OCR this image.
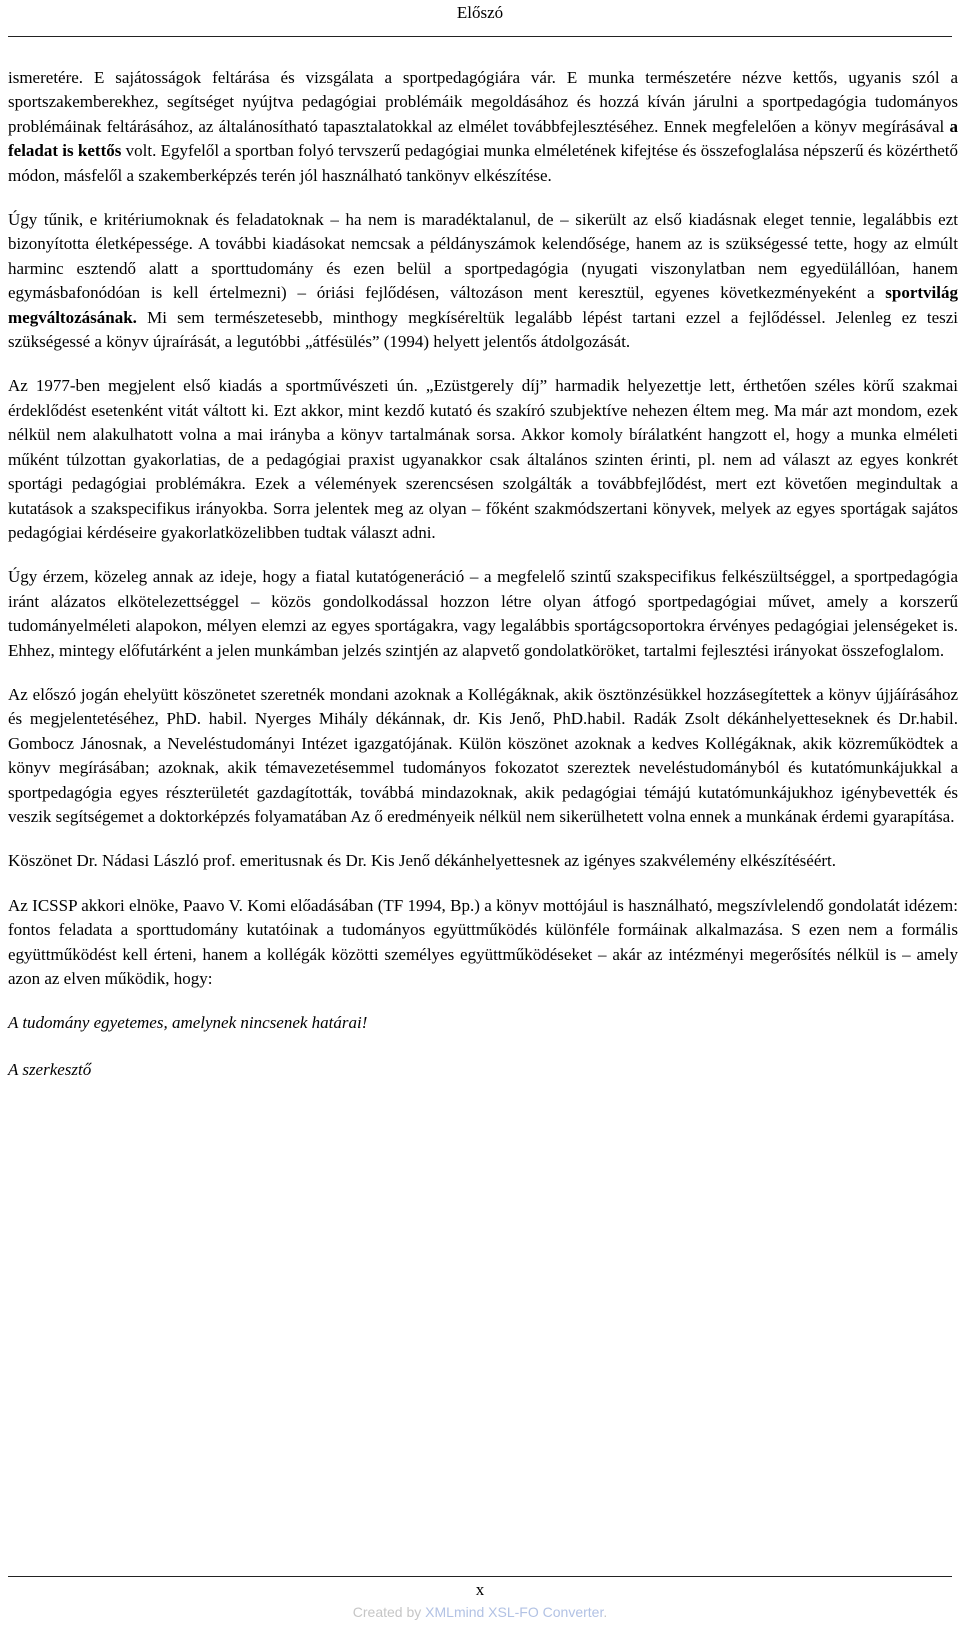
Előszó

ismeretére. E sajátosságok feltárása és vizsgálata a sportpedagógiára vár. E munka természetére nézve kettős, ugyanis szól a sportszakemberekhez, segítséget nyújtva pedagógiai problémáik megoldásához és hozzá kíván járulni a sportpedagógia tudományos problémáinak feltárásához, az általánosítható tapasztalatokkal az elmélet továbbfejlesztéséhez. Ennek megfelelően a könyv megírásával a feladat is kettős volt. Egyfelől a sportban folyó tervszerű pedagógiai munka elméletének kifejtése és összefoglalása népszerű és közérthető módon, másfelől a szakemberképzés terén jól használható tankönyv elkészítése.

Úgy tűnik, e kritériumoknak és feladatoknak – ha nem is maradéktalanul, de – sikerült az első kiadásnak eleget tennie, legalábbis ezt bizonyította életképessége. A további kiadásokat nemcsak a példányszámok kelendősége, hanem az is szükségessé tette, hogy az elmúlt harminc esztendő alatt a sporttudomány és ezen belül a sportpedagógia (nyugati viszonylatban nem egyedülállóan, hanem egymásbafonódóan is kell értelmezni) – óriási fejlődésen, változáson ment keresztül, egyenes következményeként a sportvilág megváltozásának. Mi sem természetesebb, minthogy megkíséreltük legalább lépést tartani ezzel a fejlődéssel. Jelenleg ez teszi szükségessé a könyv újraírását, a legutóbbi „átfésülés” (1994) helyett jelentős átdolgozását.

Az 1977-ben megjelent első kiadás a sportművészeti ún. „Ezüstgerely díj” harmadik helyezettje lett, érthetően széles körű szakmai érdeklődést esetenként vitát váltott ki. Ezt akkor, mint kezdő kutató és szakíró szubjektíve nehezen éltem meg. Ma már azt mondom, ezek nélkül nem alakulhatott volna a mai irányba a könyv tartalmának sorsa. Akkor komoly bírálatként hangzott el, hogy a munka elméleti műként túlzottan gyakorlatias, de a pedagógiai praxist ugyanakkor csak általános szinten érinti, pl. nem ad választ az egyes konkrét sportági pedagógiai problémákra. Ezek a vélemények szerencsésen szolgálták a továbbfejlődést, mert ezt követően megindultak a kutatások a szakspecifikus irányokba. Sorra jelentek meg az olyan – főként szakmódszertani könyvek, melyek az egyes sportágak sajátos pedagógiai kérdéseire gyakorlatközelibben tudtak választ adni.

Úgy érzem, közeleg annak az ideje, hogy a fiatal kutatógeneráció – a megfelelő szintű szakspecifikus felkészültséggel, a sportpedagógia iránt alázatos elkötelezettséggel – közös gondolkodással hozzon létre olyan átfogó sportpedagógiai művet, amely a korszerű tudományelméleti alapokon, mélyen elemzi az egyes sportágakra, vagy legalábbis sportágcsoportokra érvényes pedagógiai jelenségeket is. Ehhez, mintegy előfutárként a jelen munkámban jelzés szintjén az alapvető gondolatköröket, tartalmi fejlesztési irányokat összefoglalom.

Az előszó jogán ehelyütt köszönetet szeretnék mondani azoknak a Kollégáknak, akik ösztönzésükkel hozzásegítettek a könyv újjáírásához és megjelentetéséhez, PhD. habil. Nyerges Mihály dékánnak, dr. Kis Jenő, PhD.habil. Radák Zsolt dékánhelyetteseknek és Dr.habil. Gombocz Jánosnak, a Neveléstudományi Intézet igazgatójának. Külön köszönet azoknak a kedves Kollégáknak, akik közreműködtek a könyv megírásában; azoknak, akik témavezetésemmel tudományos fokozatot szereztek neveléstudományból és kutatómunkájukkal a sportpedagógia egyes részterületét gazdagították, továbbá mindazoknak, akik pedagógiai témájú kutatómunkájukhoz igénybevették és veszik segítségemet a doktorképzés folyamatában Az ő eredményeik nélkül nem sikerülhetett volna ennek a munkának érdemi gyarapítása.

Köszönet Dr. Nádasi László prof. emeritusnak és Dr. Kis Jenő dékánhelyettesnek az igényes szakvélemény elkészítéséért.

Az ICSSP akkori elnöke, Paavo V. Komi előadásában (TF 1994, Bp.) a könyv mottójául is használható, megszívlelendő gondolatát idézem: fontos feladata a sporttudomány kutatóinak a tudományos együttműködés különféle formáinak alkalmazása. S ezen nem a formális együttműködést kell érteni, hanem a kollégák közötti személyes együttműködéseket – akár az intézményi megerősítés nélkül is – amely azon az elven működik, hogy:

A tudomány egyetemes, amelynek nincsenek határai!

A szerkesztő

x
Created by XMLmind XSL-FO Converter.
